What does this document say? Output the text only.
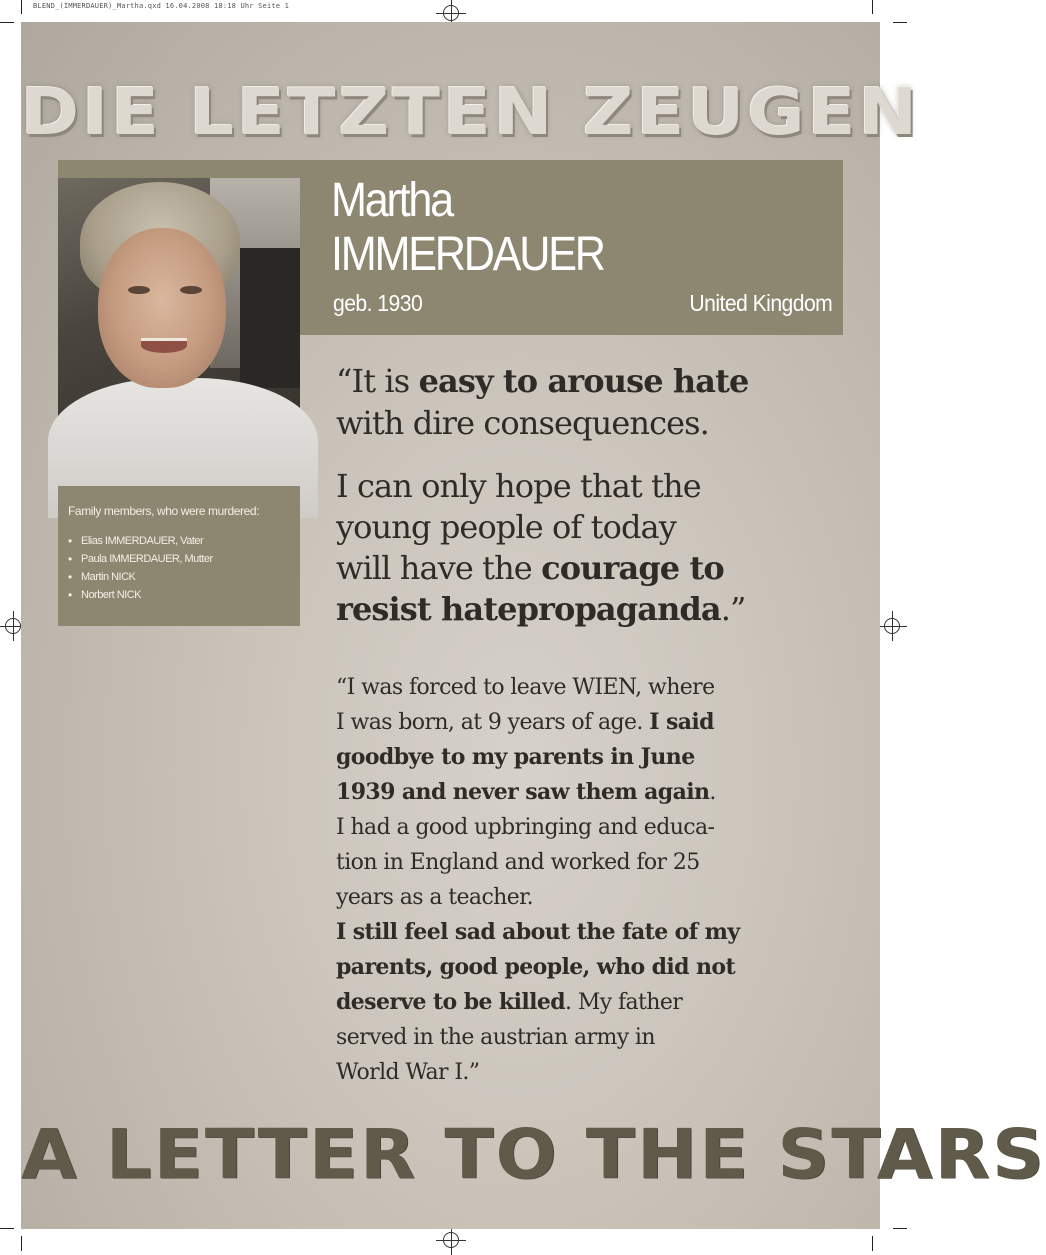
BLEND_(IMMERDAUER)_Martha.qxd 16.04.2008 18:18 Uhr Seite 1
DIE LETZTEN ZEUGEN
Martha
IMMERDAUER
geb. 1930	United Kingdom

Family members, who were murdered:

• Elias IMMERDAUER, Vater
• Paula IMMERDAUER, Mutter
• Martin NICK
• Norbert NICK
“It is easy to arouse hate
with dire consequences.
I can only hope that the
young people of today
will have the courage to
resist hatepropaganda.”
“I was forced to leave WIEN, where
I was born, at 9 years of age. I said
goodbye to my parents in June
1939 and never saw them again.
I had a good upbringing and educa-
tion in England and worked for 25
years as a teacher.
I still feel sad about the fate of my
parents, good people, who did not
deserve to be killed. My father
served in the austrian army in
World War I.”
A LETTER TO THE STARS
